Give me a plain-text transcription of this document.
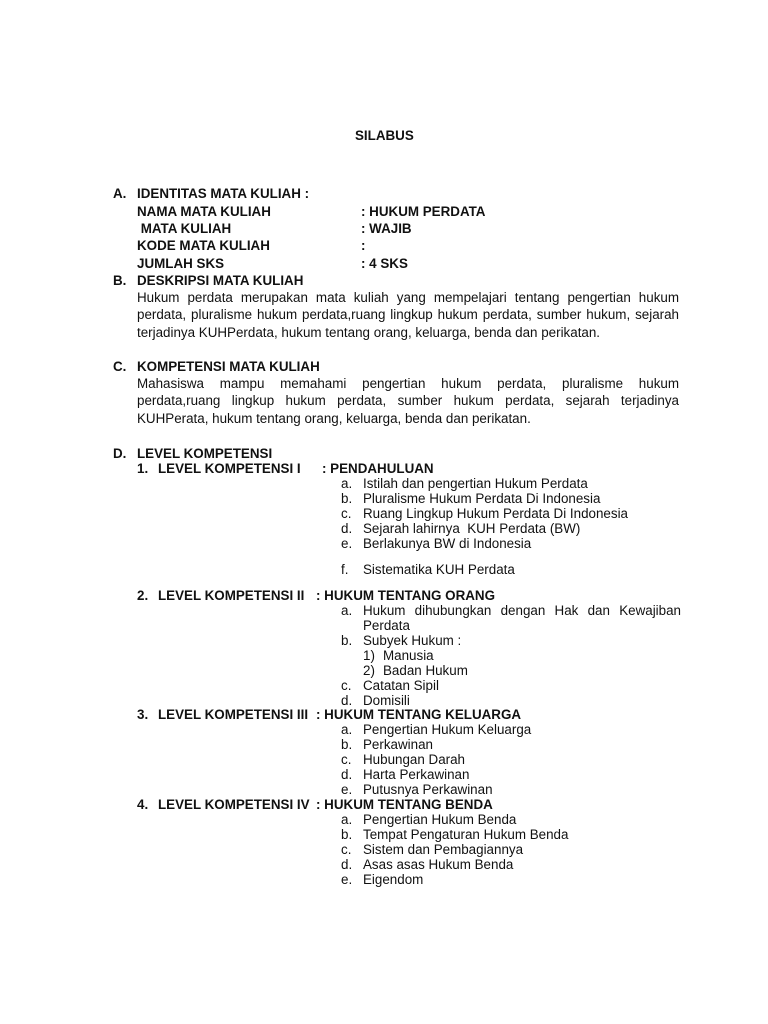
SILABUS
A. IDENTITAS MATA KULIAH :
NAMA MATA KULIAH	: HUKUM PERDATA
MATA KULIAH	: WAJIB
KODE MATA KULIAH	:
JUMLAH SKS	: 4 SKS
B. DESKRIPSI MATA KULIAH
Hukum perdata merupakan mata kuliah yang mempelajari tentang pengertian hukum perdata, pluralisme hukum perdata,ruang lingkup hukum perdata, sumber hukum, sejarah terjadinya KUHPerdata, hukum tentang orang, keluarga, benda dan perikatan.
C. KOMPETENSI MATA KULIAH
Mahasiswa mampu memahami pengertian hukum perdata, pluralisme hukum perdata,ruang lingkup hukum perdata, sumber hukum perdata, sejarah terjadinya KUHPerata, hukum tentang orang, keluarga, benda dan perikatan.
D. LEVEL KOMPETENSI
1. LEVEL KOMPETENSI I : PENDAHULUAN
a. Istilah dan pengertian Hukum Perdata
b. Pluralisme Hukum Perdata Di Indonesia
c. Ruang Lingkup Hukum Perdata Di Indonesia
d. Sejarah lahirnya  KUH Perdata (BW)
e. Berlakunya BW di Indonesia
f.	Sistematika KUH Perdata
2. LEVEL KOMPETENSI II : HUKUM TENTANG ORANG
a. Hukum dihubungkan dengan Hak dan Kewajiban
Perdata
b. Subyek Hukum :
1) Manusia
2) Badan Hukum
c. Catatan Sipil
d. Domisili
3. LEVEL KOMPETENSI III : HUKUM TENTANG KELUARGA
a. Pengertian Hukum Keluarga
b. Perkawinan
c. Hubungan Darah
d. Harta Perkawinan
e. Putusnya Perkawinan
4. LEVEL KOMPETENSI IV : HUKUM TENTANG BENDA
a. Pengertian Hukum Benda
b. Tempat Pengaturan Hukum Benda
c. Sistem dan Pembagiannya
d. Asas asas Hukum Benda
e. Eigendom
